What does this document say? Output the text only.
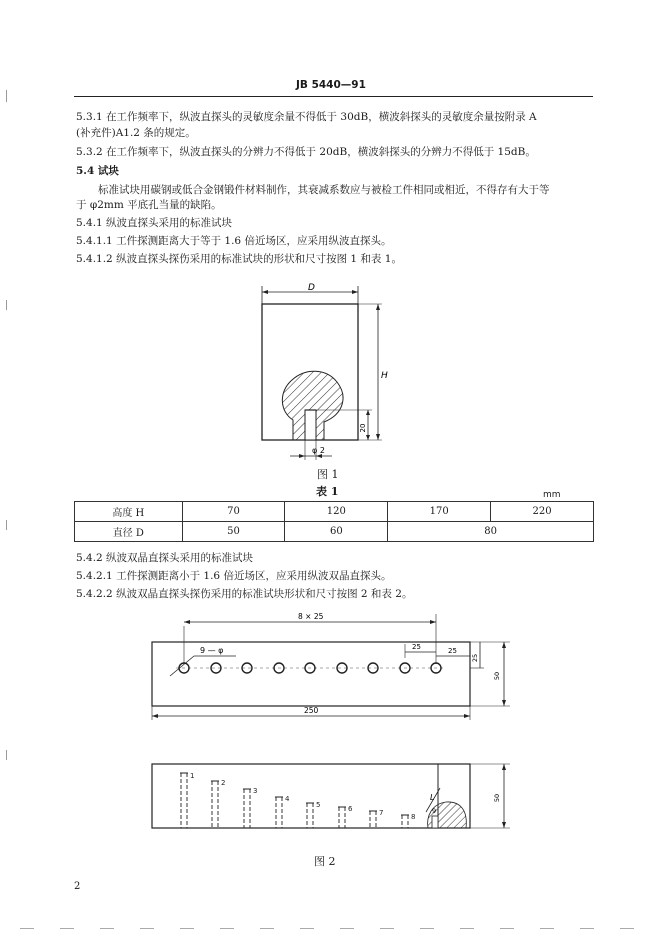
JB 5440—91
5.3.1 在工作频率下，纵波直探头的灵敏度余量不得低于 30dB，横波斜探头的灵敏度余量按附录 A
(补充件)A1.2 条的规定。
5.3.2 在工作频率下，纵波直探头的分辨力不得低于 20dB，横波斜探头的分辨力不得低于 15dB。
5.4 试块
标准试块用碳钢或低合金钢锻件材料制作，其衰减系数应与被检工件相同或相近，不得存有大于等
于 φ2mm 平底孔当量的缺陷。
5.4.1 纵波直探头采用的标准试块
5.4.1.1 工件探测距离大于等于 1.6 倍近场区，应采用纵波直探头。
5.4.1.2 纵波直探头探伤采用的标准试块的形状和尺寸按图 1 和表 1。
D
H
20
φ 2
图 1
表 1	mm
高度 H	70	120	170	220
直径 D	50	60	80	
5.4.2 纵波双晶直探头采用的标准试块
5.4.2.1 工件探测距离小于 1.6 倍近场区，应采用纵波双晶直探头。
5.4.2.2 纵波双晶直探头探伤采用的标准试块形状和尺寸按图 2 和表 2。
8 × 25
9 — φ	25	25
25
50
250
50
1
2
3
4
5	6	7	8
L
9
图 2
2
